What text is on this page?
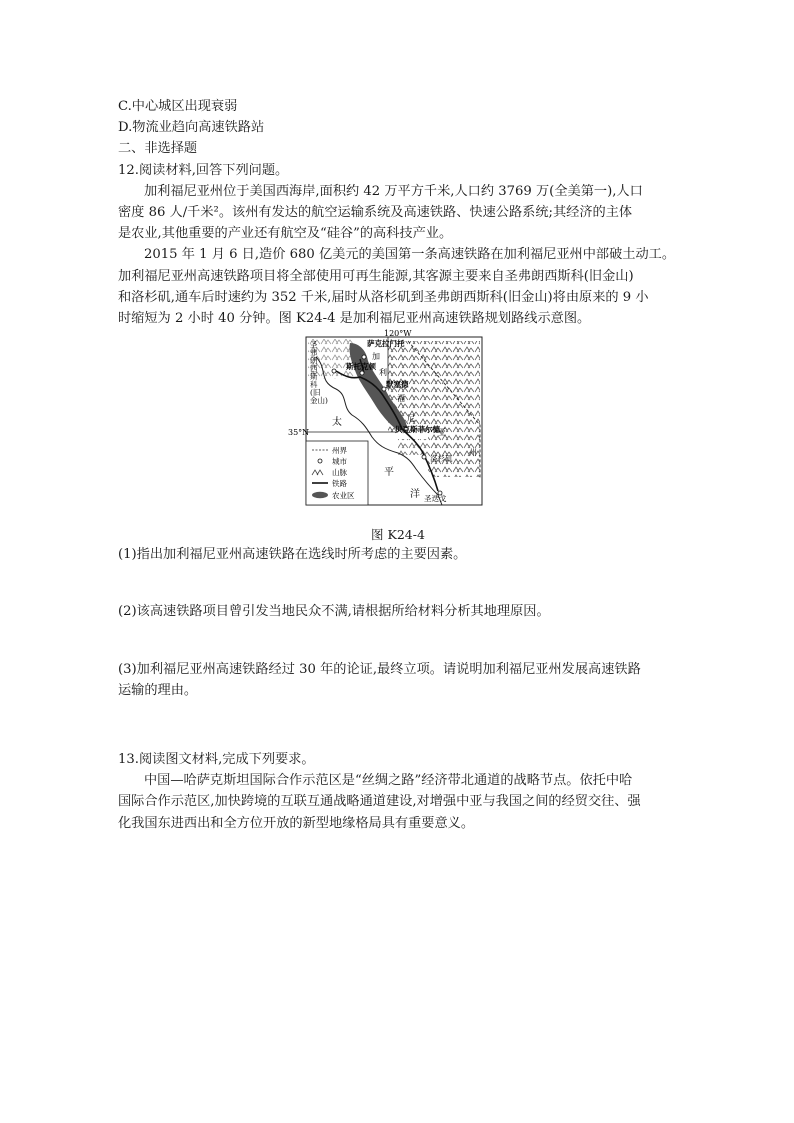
C.中心城区出现衰弱
D.物流业趋向高速铁路站
二、非选择题
12.阅读材料,回答下列问题。
加利福尼亚州位于美国西海岸,面积约 42 万平方千米,人口约 3769 万(全美第一),人口
密度 86 人/千米²。该州有发达的航空运输系统及高速铁路、快速公路系统;其经济的主体
是农业,其他重要的产业还有航空及“硅谷”的高科技产业。
2015 年 1 月 6 日,造价 680 亿美元的美国第一条高速铁路在加利福尼亚州中部破土动工。
加利福尼亚州高速铁路项目将全部使用可再生能源,其客源主要来自圣弗朗西斯科(旧金山)
和洛杉矶,通车后时速约为 352 千米,届时从洛杉矶到圣弗朗西斯科(旧金山)将由原来的 9 小
时缩短为 2 小时 40 分钟。图 K24-4 是加利福尼亚州高速铁路规划路线示意图。
120°W
35°N
萨克拉门托
斯托克顿
默塞德
贝克斯菲尔德
洛杉矶
圣迭戈
圣
弗
朗
西
斯
科
(旧
金山)
加
利
福
尼
亚
州
太
平
洋
州界
城市
山脉
铁路
农业区
图 K24-4
(1)指出加利福尼亚州高速铁路在选线时所考虑的主要因素。
(2)该高速铁路项目曾引发当地民众不满,请根据所给材料分析其地理原因。
(3)加利福尼亚州高速铁路经过 30 年的论证,最终立项。请说明加利福尼亚州发展高速铁路
运输的理由。
13.阅读图文材料,完成下列要求。
中国—哈萨克斯坦国际合作示范区是“丝绸之路”经济带北通道的战略节点。依托中哈
国际合作示范区,加快跨境的互联互通战略通道建设,对增强中亚与我国之间的经贸交往、强
化我国东进西出和全方位开放的新型地缘格局具有重要意义。
